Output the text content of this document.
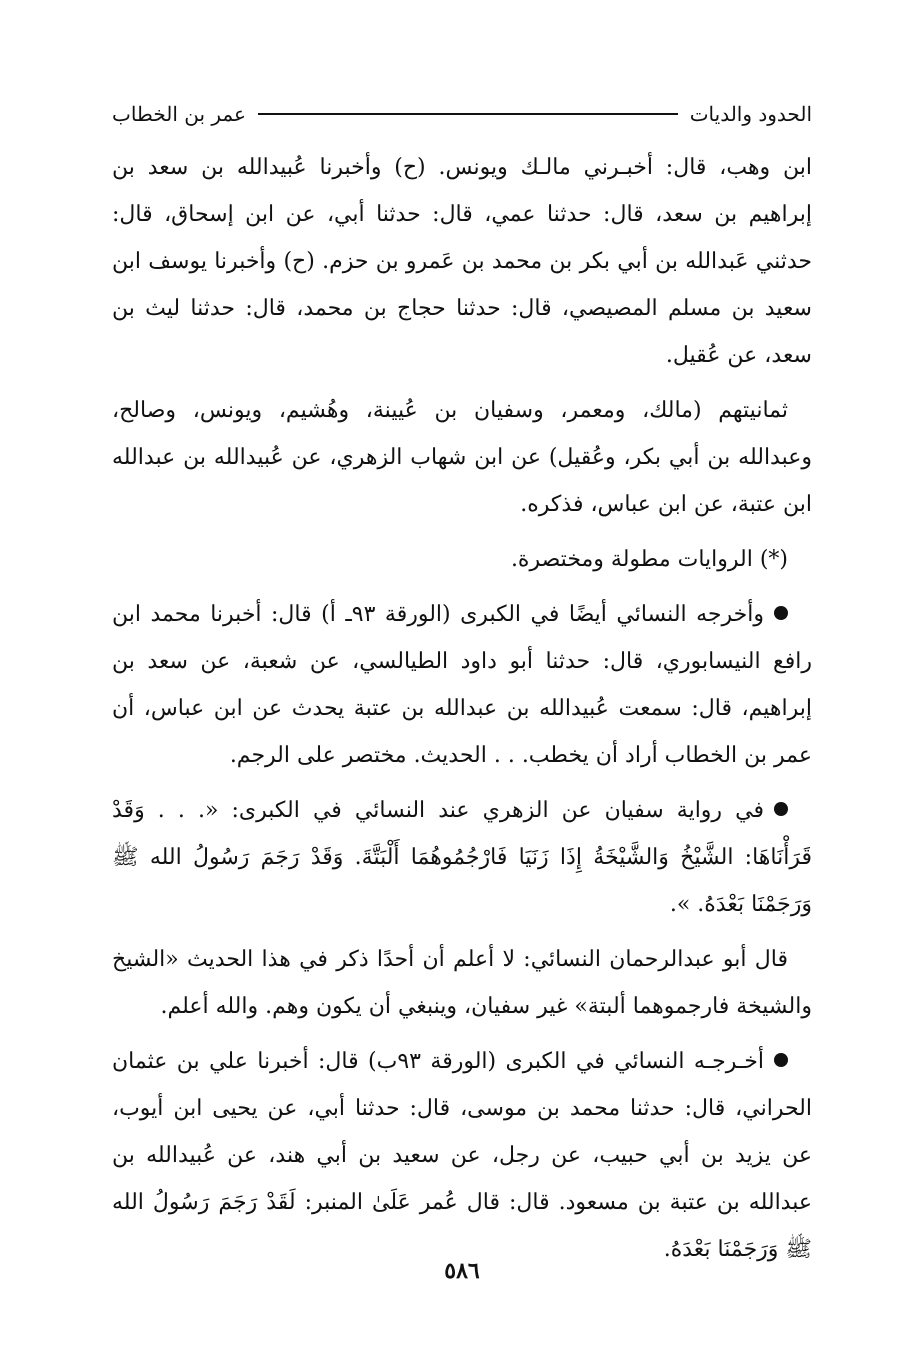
الحدود والديات
عمر بن الخطاب

ابن وهب، قال: أخبـرني مالـك ويونس. (ح) وأخبرنا عُبيدالله بن سعد بن إبراهيم بن سعد، قال: حدثنا عمي، قال: حدثنا أبي، عن ابن إسحاق، قال: حدثني عَبدالله بن أبي بكر بن محمد بن عَمرو بن حزم. (ح) وأخبرنا يوسف ابن سعيد بن مسلم المصيصي، قال: حدثنا حجاج بن محمد، قال: حدثنا ليث بن سعد، عن عُقيل.

ثمانيتهم (مالك، ومعمر، وسفيان بن عُيينة، وهُشيم، ويونس، وصالح، وعبدالله بن أبي بكر، وعُقيل) عن ابن شهاب الزهري، عن عُبيدالله بن عبدالله ابن عتبة، عن ابن عباس، فذكره.

(*) الروايات مطولة ومختصرة.

وأخرجه النسائي أيضًا في الكبرى (الورقة ٩٣ـ أ) قال: أخبرنا محمد ابن رافع النيسابوري، قال: حدثنا أبو داود الطيالسي، عن شعبة، عن سعد بن إبراهيم، قال: سمعت عُبيدالله بن عبدالله بن عتبة يحدث عن ابن عباس، أن عمر بن الخطاب أراد أن يخطب. . . الحديث. مختصر على الرجم.

في رواية سفيان عن الزهري عند النسائي في الكبرى: «. . . وَقَدْ قَرَأْنَاهَا: الشَّيْخُ وَالشَّيْخَةُ إِذَا زَنَيَا فَارْجُمُوهُمَا أَلْبَتَّةَ. وَقَدْ رَجَمَ رَسُولُ الله ﷺ وَرَجَمْنَا بَعْدَهُ. ».

قال أبو عبدالرحمان النسائي: لا أعلم أن أحدًا ذكر في هذا الحديث «الشيخ والشيخة فارجموهما ألبتة» غير سفيان، وينبغي أن يكون وهم. والله أعلم.

أخـرجـه النسائي في الكبرى (الورقة ٩٣ب) قال: أخبرنا علي بن عثمان الحراني، قال: حدثنا محمد بن موسى، قال: حدثنا أبي، عن يحيى ابن أيوب، عن يزيد بن أبي حبيب، عن رجل، عن سعيد بن أبي هند، عن عُبيدالله بن عبدالله بن عتبة بن مسعود. قال: قال عُمر عَلَىٰ المنبر: لَقَدْ رَجَمَ رَسُولُ الله ﷺ وَرَجَمْنَا بَعْدَهُ.

٥٨٦
